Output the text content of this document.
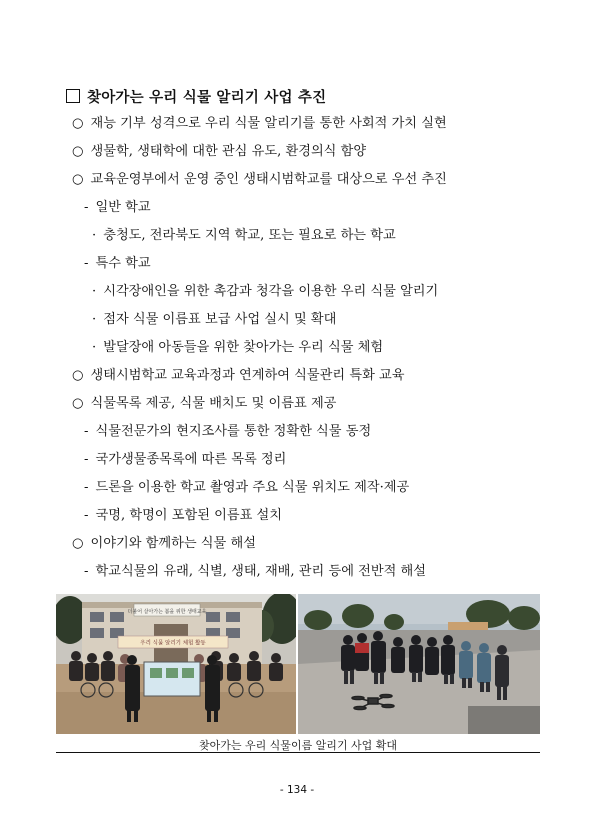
찾아가는 우리 식물 알리기 사업 추진
○ 재능 기부 성격으로 우리 식물 알리기를 통한 사회적 가치 실현
○ 생물학, 생태학에 대한 관심 유도, 환경의식 함양
○ 교육운영부에서 운영 중인 생태시범학교를 대상으로 우선 추진
- 일반 학교
· 충청도, 전라북도 지역 학교, 또는 필요로 하는 학교
- 특수 학교
· 시각장애인을 위한 촉감과 청각을 이용한 우리 식물 알리기
· 점자 식물 이름표 보급 사업 실시 및 확대
· 발달장애 아동들을 위한 찾아가는 우리 식물 체험
○ 생태시범학교 교육과정과 연계하여 식물관리 특화 교육
○ 식물목록 제공, 식물 배치도 및 이름표 제공
- 식물전문가의 현지조사를 통한 정확한 식물 동정
- 국가생물종목록에 따른 목록 정리
- 드론을 이용한 학교 촬영과 주요 식물 위치도 제작·제공
- 국명, 학명이 포함된 이름표 설치
○ 이야기와 함께하는 식물 해설
- 학교식물의 유래, 식별, 생태, 재배, 관리 등에 전반적 해설
더불어 살아가는 봄을 위한 생태교육
우리 식물 알리기 체험 활동
찾아가는 우리 식물이름 알리기 사업 확대
- 134 -
